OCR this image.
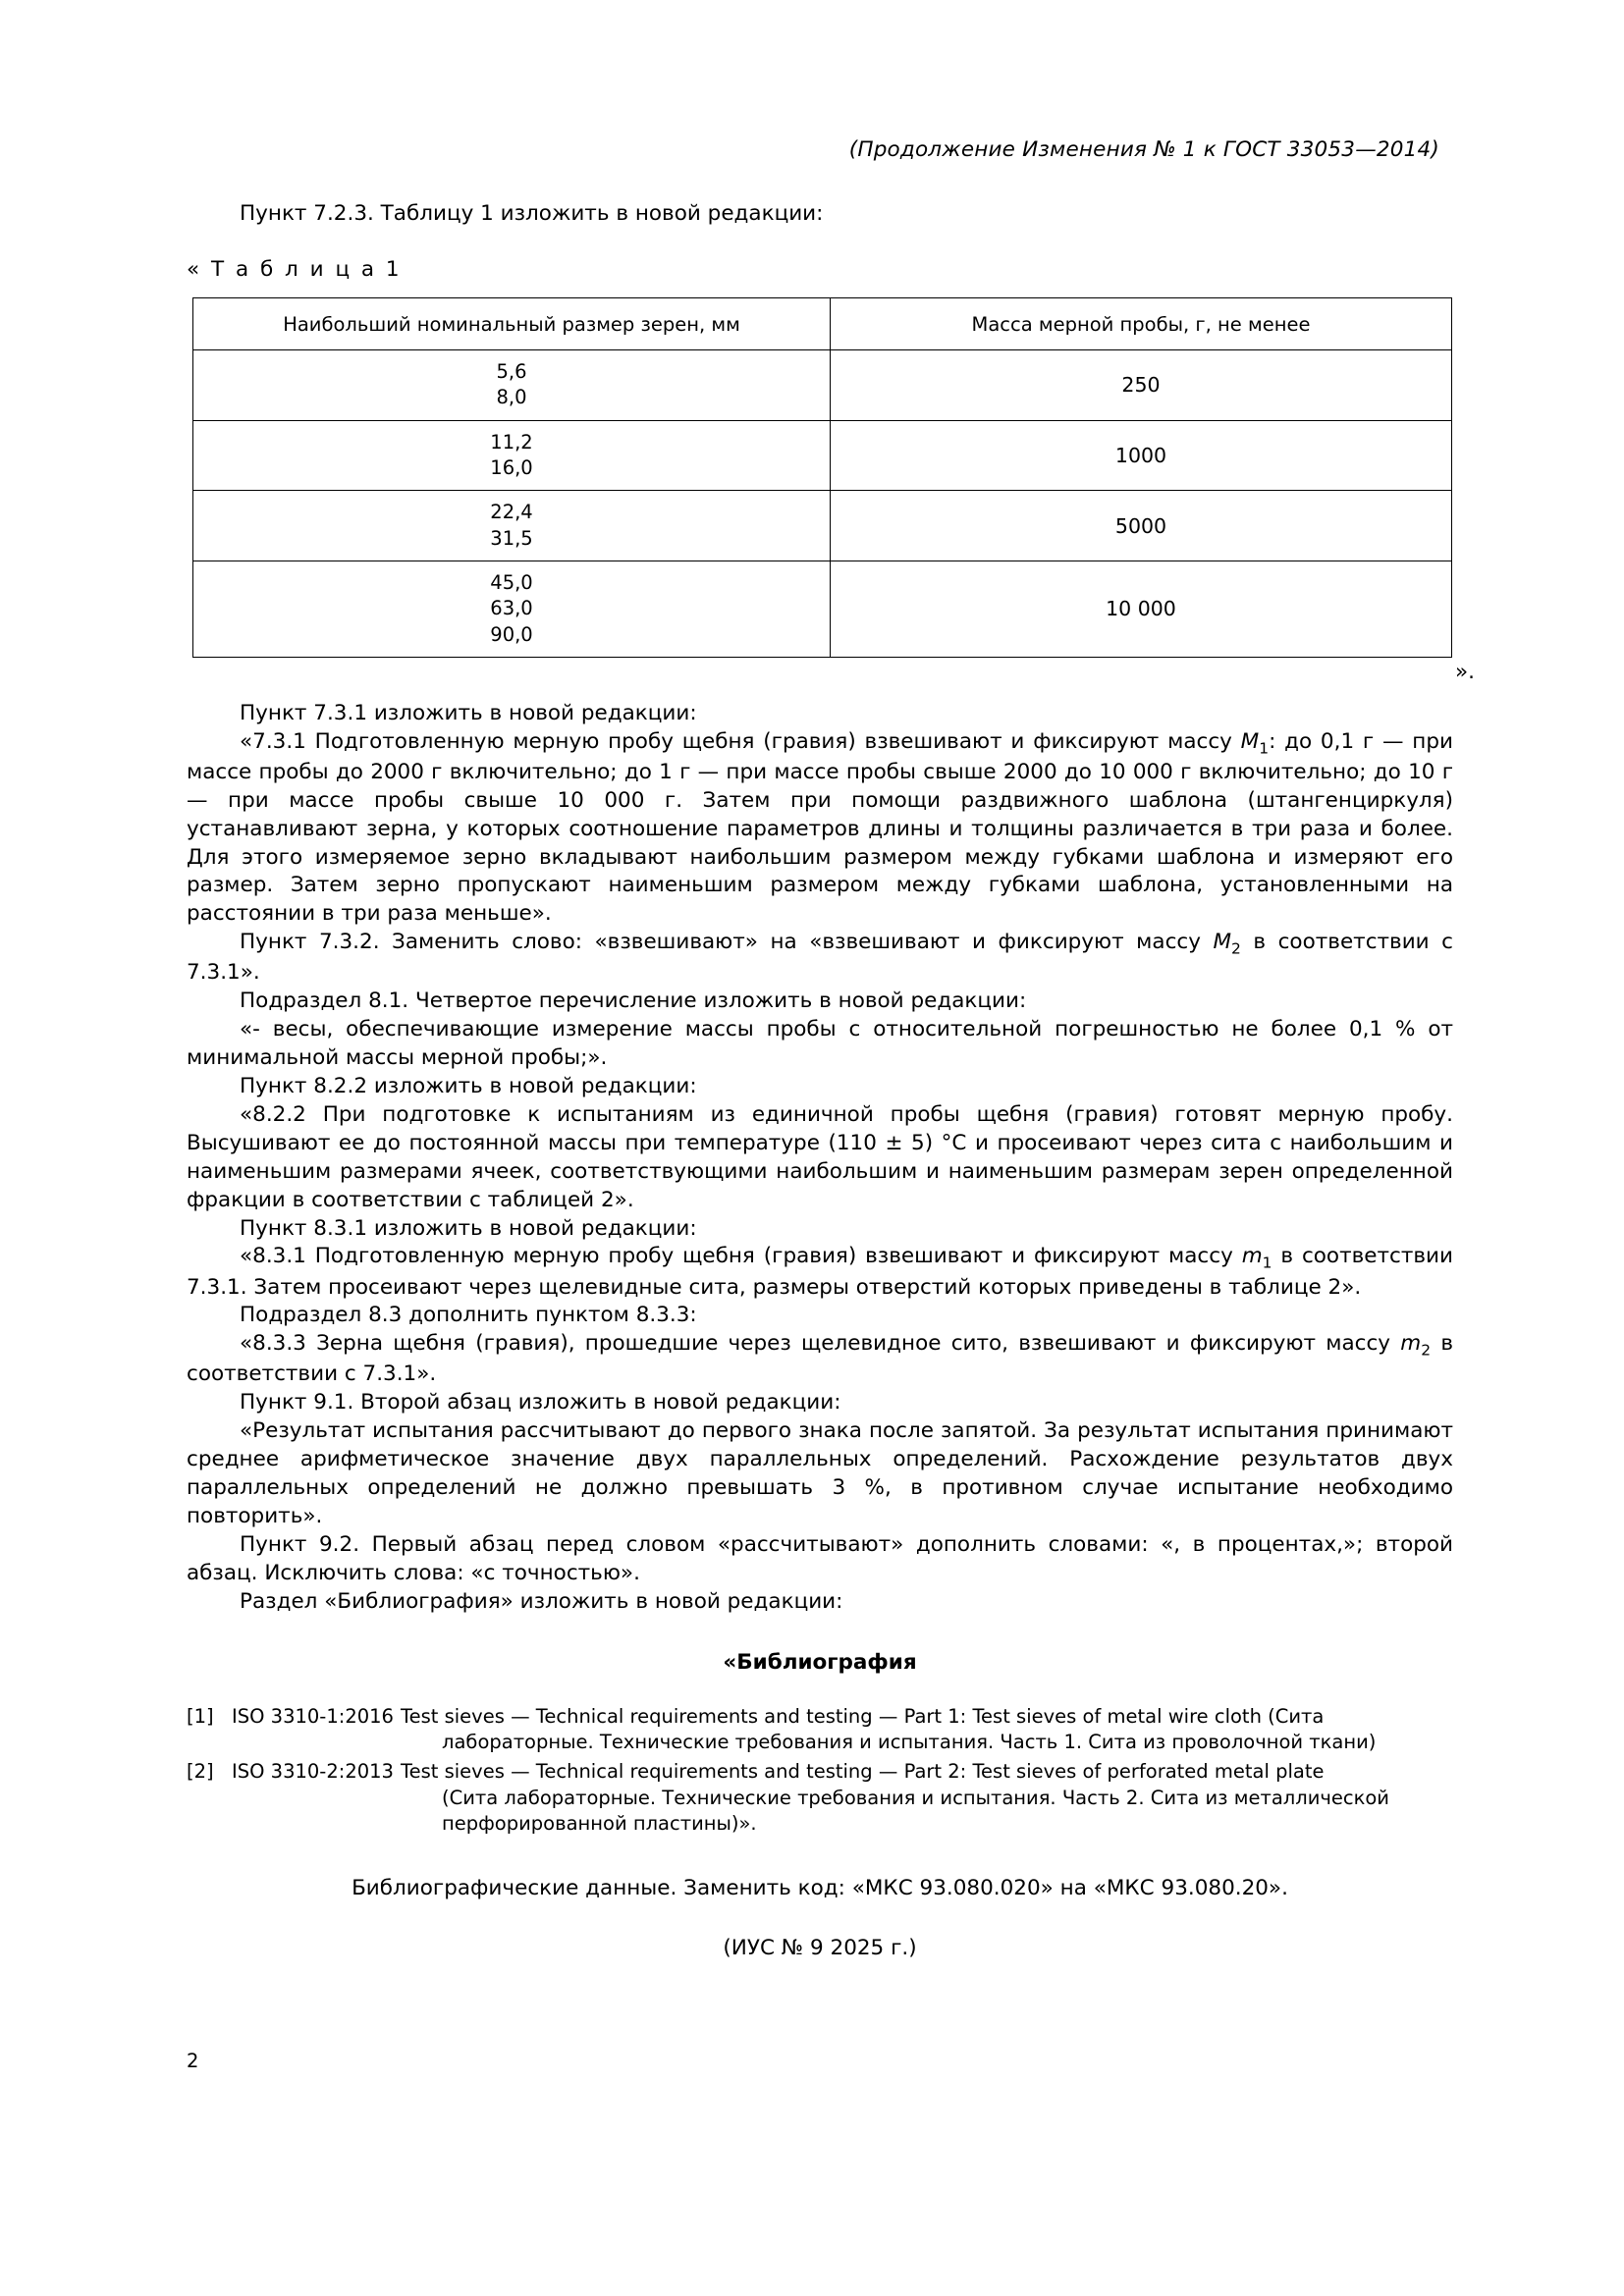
(Продолжение Изменения № 1 к ГОСТ 33053—2014)

Пункт 7.2.3. Таблицу 1 изложить в новой редакции:

« Т а б л и ц а 1
Наибольший номинальный размер зерен, мм	Масса мерной пробы, г, не менее

5,6
8,0	250

11,2
16,0	1000

22,4
31,5	5000

45,0
63,0
90,0	10 000
».

Пункт 7.3.1 изложить в новой редакции:

«7.3.1 Подготовленную мерную пробу щебня (гравия) взвешивают и фиксируют массу $M_1$: до 0,1 г — при массе пробы до 2000 г включительно; до 1 г — при массе пробы свыше 2000 до 10 000 г включительно; до 10 г — при массе пробы свыше 10 000 г. Затем при помощи раздвижного шаблона (штангенциркуля) устанавливают зерна, у которых соотношение параметров длины и толщины различается в три раза и более. Для этого измеряемое зерно вкладывают наибольшим размером между губками шаблона и измеряют его размер. Затем зерно пропускают наименьшим размером между губками шаблона, установленными на расстоянии в три раза меньше».

Пункт 7.3.2. Заменить слово: «взвешивают» на «взвешивают и фиксируют массу $M_2$ в соответствии с 7.3.1».

Подраздел 8.1. Четвертое перечисление изложить в новой редакции:

«- весы, обеспечивающие измерение массы пробы с относительной погрешностью не более 0,1 % от минимальной массы мерной пробы;».

Пункт 8.2.2 изложить в новой редакции:

«8.2.2 При подготовке к испытаниям из единичной пробы щебня (гравия) готовят мерную пробу. Высушивают ее до постоянной массы при температуре (110 ± 5) °С и просеивают через сита с наибольшим и наименьшим размерами ячеек, соответствующими наибольшим и наименьшим размерам зерен определенной фракции в соответствии с таблицей 2».

Пункт 8.3.1 изложить в новой редакции:

«8.3.1 Подготовленную мерную пробу щебня (гравия) взвешивают и фиксируют массу $m_1$ в соответствии 7.3.1. Затем просеивают через щелевидные сита, размеры отверстий которых приведены в таблице 2».

Подраздел 8.3 дополнить пунктом 8.3.3:

«8.3.3 Зерна щебня (гравия), прошедшие через щелевидное сито, взвешивают и фиксируют массу $m_2$ в соответствии с 7.3.1».

Пункт 9.1. Второй абзац изложить в новой редакции:

«Результат испытания рассчитывают до первого знака после запятой. За результат испытания принимают среднее арифметическое значение двух параллельных определений. Расхождение результатов двух параллельных определений не должно превышать 3 %, в противном случае испытание необходимо повторить».

Пункт 9.2. Первый абзац перед словом «рассчитывают» дополнить словами: «, в процентах,»; второй абзац. Исключить слова: «с точностью».

Раздел «Библиография» изложить в новой редакции:

«Библиография
[1] ISO 3310-1:2016 Test sieves — Technical requirements and testing — Part 1: Test sieves of metal wire cloth (Сита
лабораторные. Технические требования и испытания. Часть 1. Сита из проволочной ткани)
[2] ISO 3310-2:2013 Test sieves — Technical requirements and testing — Part 2: Test sieves of perforated metal plate
(Сита лабораторные. Технические требования и испытания. Часть 2. Сита из металлической
перфорированной пластины)».
Библиографические данные. Заменить код: «МКС 93.080.020» на «МКС 93.080.20».
(ИУС № 9 2025 г.)
2
